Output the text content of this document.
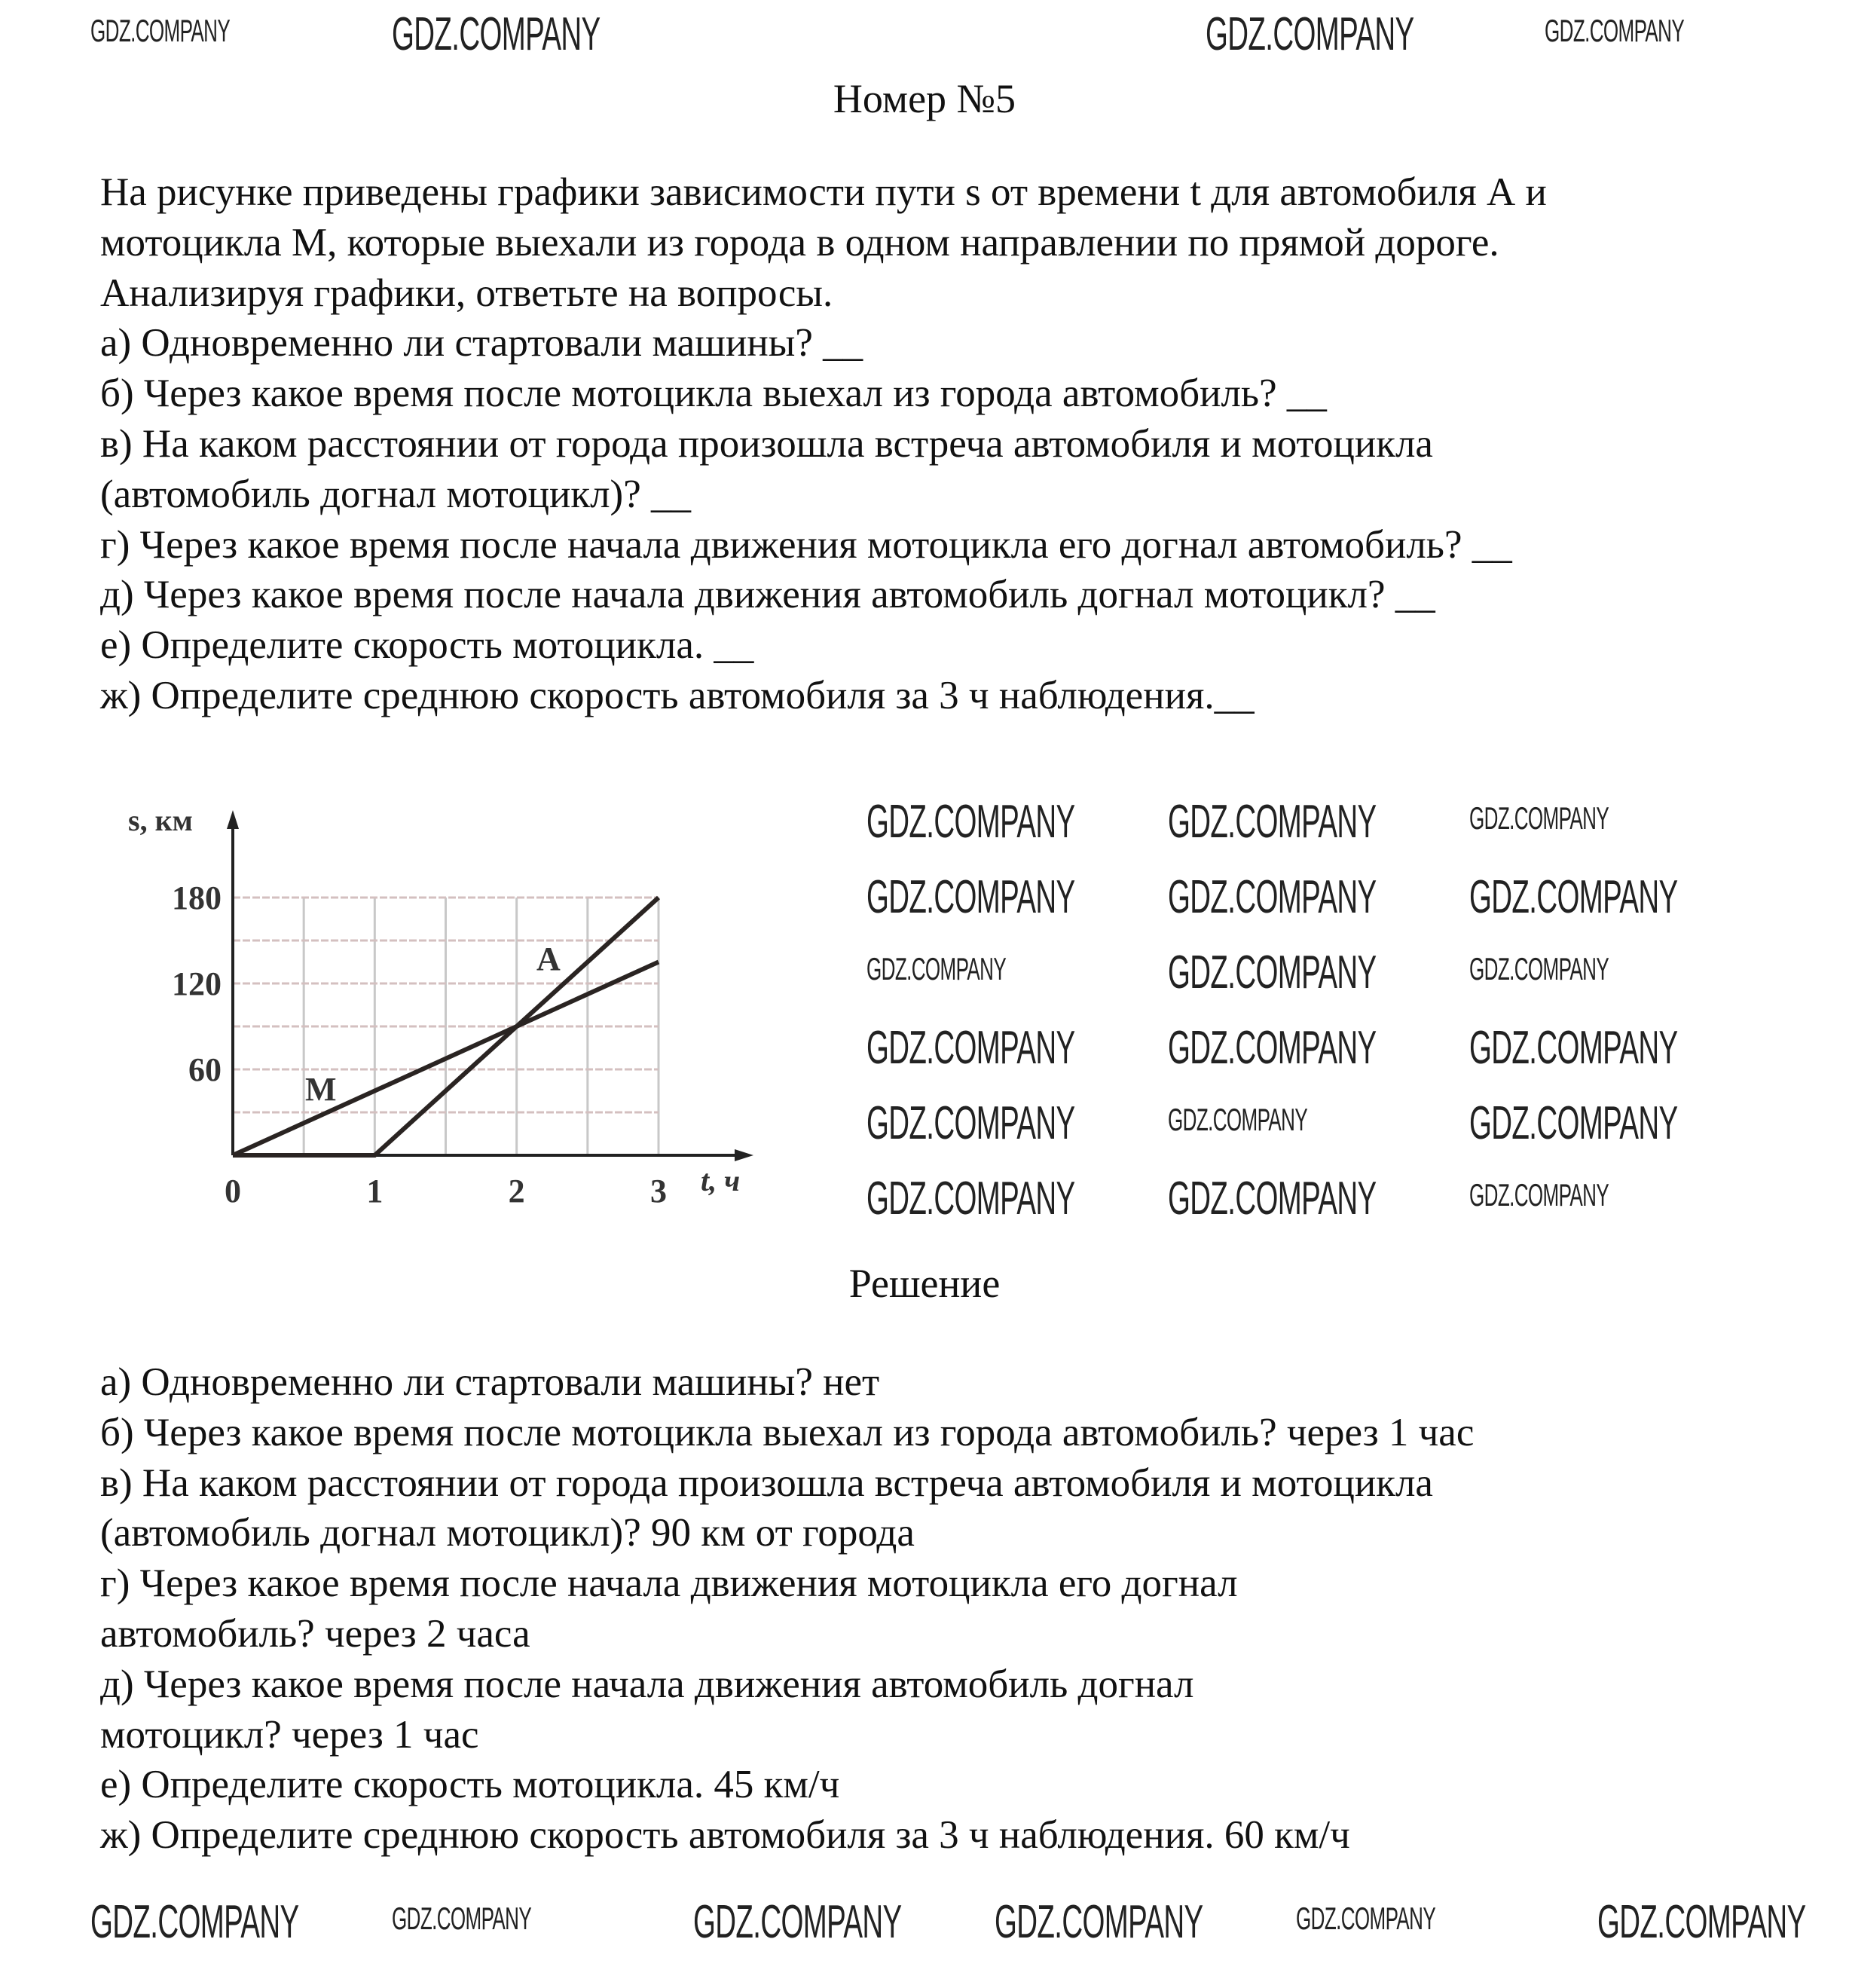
Номер №5
На рисунке приведены графики зависимости пути s от времени t для автомобиля А и
мотоцикла М, которые выехали из города в одном направлении по прямой дороге.
Анализируя графики, ответьте на вопросы.
а) Одновременно ли стартовали машины? __
б) Через какое время после мотоцикла выехал из города автомобиль? __
в) На каком расстоянии от города произошла встреча автомобиля и мотоцикла
(автомобиль догнал мотоцикл)? __
г) Через какое время после начала движения мотоцикла его догнал автомобиль? __
д) Через какое время после начала движения автомобиль догнал мотоцикл? __
е) Определите скорость мотоцикла. __
ж) Определите среднюю скорость автомобиля за 3 ч наблюдения.__
0	1	2	3
60
120
180
s, км
t, ч
А
М
Решение
а) Одновременно ли стартовали машины? нет
б) Через какое время после мотоцикла выехал из города автомобиль? через 1 час
в) На каком расстоянии от города произошла встреча автомобиля и мотоцикла
(автомобиль догнал мотоцикл)? 90 км от города
г) Через какое время после начала движения мотоцикла его догнал
автомобиль? через 2 часа
д) Через какое время после начала движения автомобиль догнал
мотоцикл? через 1 час
е) Определите скорость мотоцикла. 45 км/ч
ж) Определите среднюю скорость автомобиля за 3 ч наблюдения. 60 км/ч
GDZ.COMPANY	GDZ.COMPANY	GDZ.COMPANY	GDZ.COMPANY
GDZ.COMPANY GDZ.COMPANY	GDZ.COMPANY
GDZ.COMPANY GDZ.COMPANY GDZ.COMPANY
GDZ.COMPANY	GDZ.COMPANY	GDZ.COMPANY
GDZ.COMPANY GDZ.COMPANY GDZ.COMPANY
GDZ.COMPANY	GDZ.COMPANY	GDZ.COMPANY
GDZ.COMPANY GDZ.COMPANY	GDZ.COMPANY
GDZ.COMPANY	GDZ.COMPANY	GDZ.COMPANY GDZ.COMPANY	GDZ.COMPANY	GDZ.COMPANY
